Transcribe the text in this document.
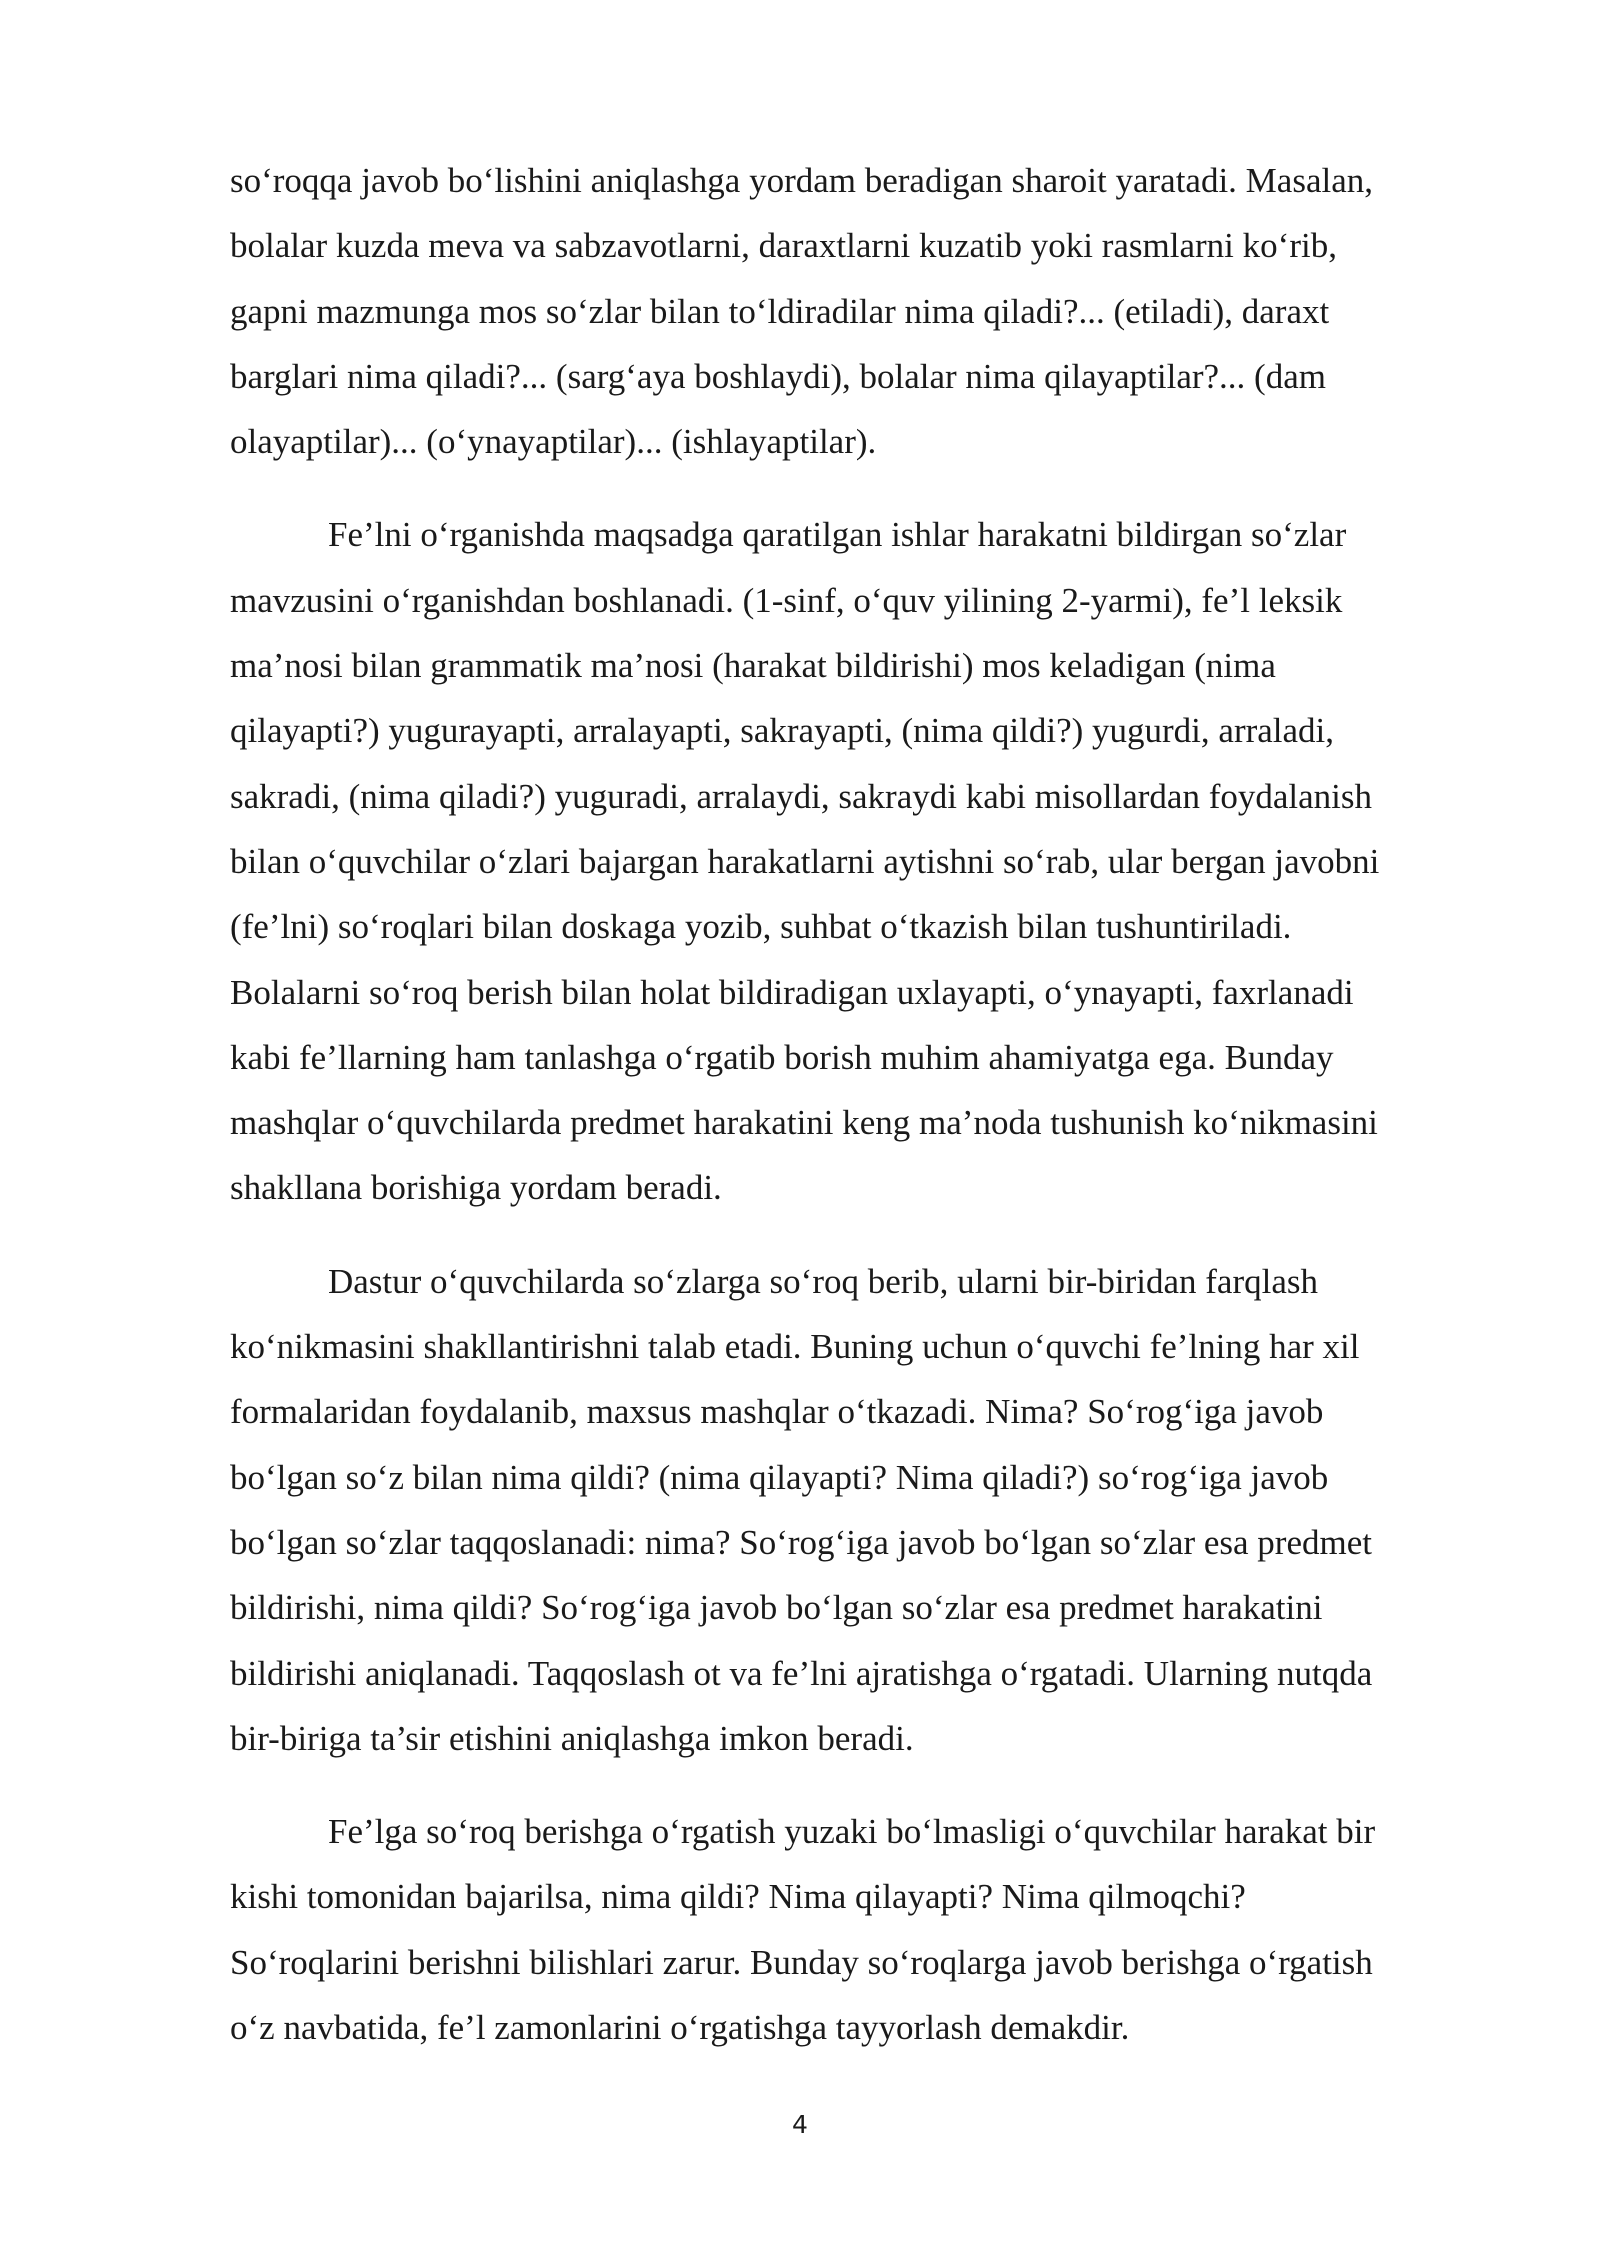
so‘roqqa javob bo‘lishini aniqlashga yordam beradigan sharoit yaratadi. Masalan,
bolalar kuzda meva va sabzavotlarni, daraxtlarni kuzatib yoki rasmlarni ko‘rib,
gapni mazmunga mos so‘zlar bilan to‘ldiradilar nima qiladi?... (etiladi), daraxt
barglari nima qiladi?... (sarg‘aya boshlaydi), bolalar nima qilayaptilar?... (dam
olayaptilar)... (o‘ynayaptilar)... (ishlayaptilar).

Fe’lni o‘rganishda maqsadga qaratilgan ishlar harakatni bildirgan so‘zlar
mavzusini o‘rganishdan boshlanadi. (1-sinf, o‘quv yilining 2-yarmi), fe’l leksik
ma’nosi bilan grammatik ma’nosi (harakat bildirishi) mos keladigan (nima
qilayapti?) yugurayapti, arralayapti, sakrayapti, (nima qildi?) yugurdi, arraladi,
sakradi, (nima qiladi?) yuguradi, arralaydi, sakraydi kabi misollardan foydalanish
bilan o‘quvchilar o‘zlari bajargan harakatlarni aytishni so‘rab, ular bergan javobni
(fe’lni) so‘roqlari bilan doskaga yozib, suhbat o‘tkazish bilan tushuntiriladi.
Bolalarni so‘roq berish bilan holat bildiradigan uxlayapti, o‘ynayapti, faxrlanadi
kabi fe’llarning ham tanlashga o‘rgatib borish muhim ahamiyatga ega. Bunday
mashqlar o‘quvchilarda predmet harakatini keng ma’noda tushunish ko‘nikmasini
shakllana borishiga yordam beradi.

Dastur o‘quvchilarda so‘zlarga so‘roq berib, ularni bir-biridan farqlash
ko‘nikmasini shakllantirishni talab etadi. Buning uchun o‘quvchi fe’lning har xil
formalaridan foydalanib, maxsus mashqlar o‘tkazadi. Nima? So‘rog‘iga javob
bo‘lgan so‘z bilan nima qildi? (nima qilayapti? Nima qiladi?) so‘rog‘iga javob
bo‘lgan so‘zlar taqqoslanadi: nima? So‘rog‘iga javob bo‘lgan so‘zlar esa predmet
bildirishi, nima qildi? So‘rog‘iga javob bo‘lgan so‘zlar esa predmet harakatini
bildirishi aniqlanadi. Taqqoslash ot va fe’lni ajratishga o‘rgatadi. Ularning nutqda
bir-biriga ta’sir etishini aniqlashga imkon beradi.

Fe’lga so‘roq berishga o‘rgatish yuzaki bo‘lmasligi o‘quvchilar harakat bir
kishi tomonidan bajarilsa, nima qildi? Nima qilayapti? Nima qilmoqchi?
So‘roqlarini berishni bilishlari zarur. Bunday so‘roqlarga javob berishga o‘rgatish
o‘z navbatida, fe’l zamonlarini o‘rgatishga tayyorlash demakdir.

4
